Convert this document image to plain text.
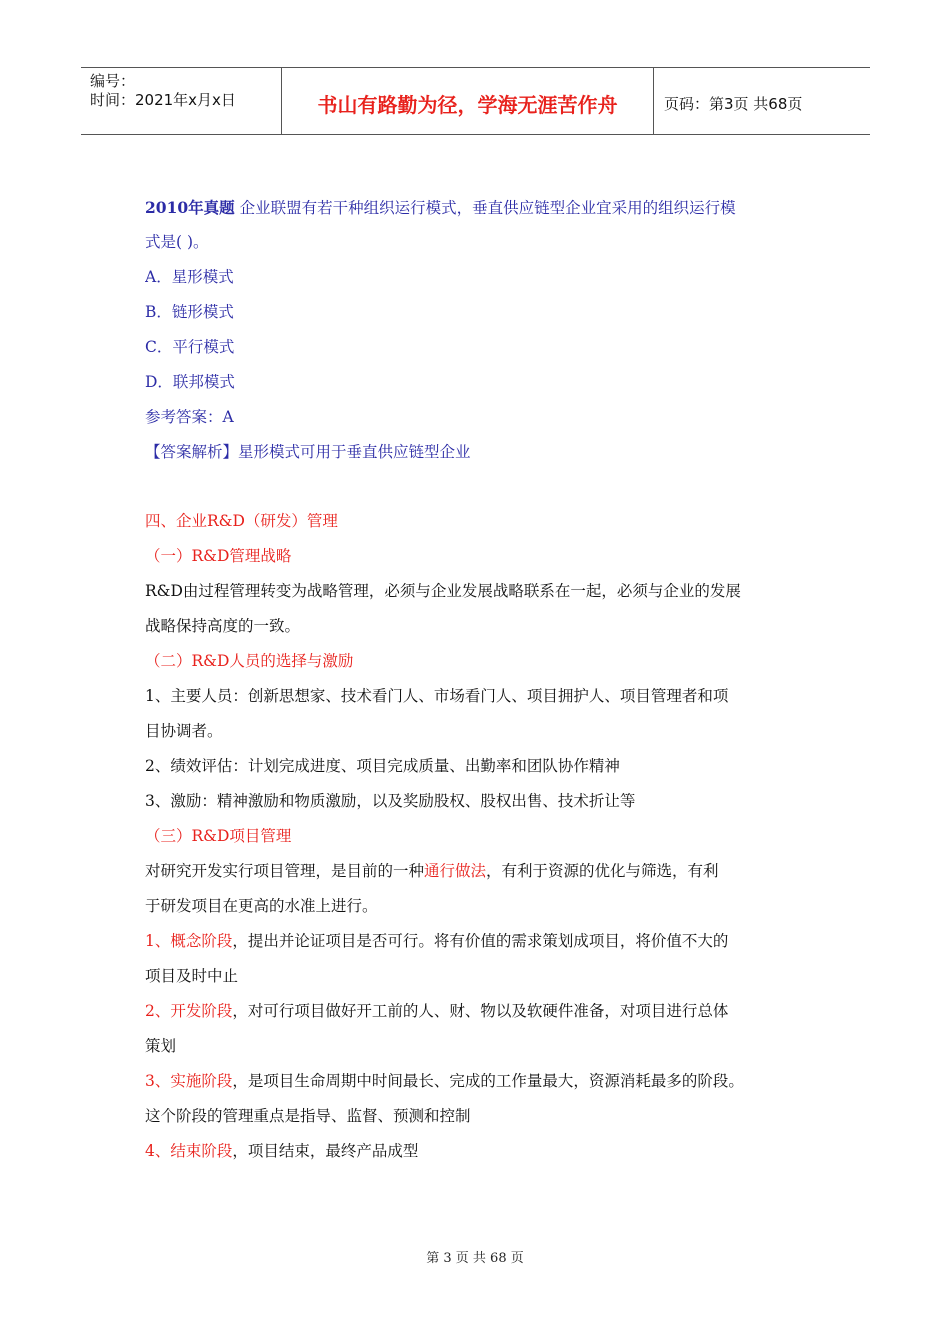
编号：
时间：2021年x月x日	书山有路勤为径，学海无涯苦作舟	页码：第3页 共68页
2010年真题 企业联盟有若干种组织运行模式，垂直供应链型企业宜采用的组织运行模
式是( )。
A．星形模式
B．链形模式
C．平行模式
D．联邦模式
参考答案：A
【答案解析】星形模式可用于垂直供应链型企业
四、企业R&D（研发）管理
（一）R&D管理战略
R&D由过程管理转变为战略管理，必须与企业发展战略联系在一起，必须与企业的发展
战略保持高度的一致。
（二）R&D人员的选择与激励
1、主要人员：创新思想家、技术看门人、市场看门人、项目拥护人、项目管理者和项
目协调者。
2、绩效评估：计划完成进度、项目完成质量、出勤率和团队协作精神
3、激励：精神激励和物质激励，以及奖励股权、股权出售、技术折让等
（三）R&D项目管理
对研究开发实行项目管理，是目前的一种通行做法，有利于资源的优化与筛选，有利
于研发项目在更高的水准上进行。
1、概念阶段，提出并论证项目是否可行。将有价值的需求策划成项目，将价值不大的
项目及时中止
2、开发阶段，对可行项目做好开工前的人、财、物以及软硬件准备，对项目进行总体
策划
3、实施阶段，是项目生命周期中时间最长、完成的工作量最大，资源消耗最多的阶段。
这个阶段的管理重点是指导、监督、预测和控制
4、结束阶段，项目结束，最终产品成型
第 3 页 共 68 页
